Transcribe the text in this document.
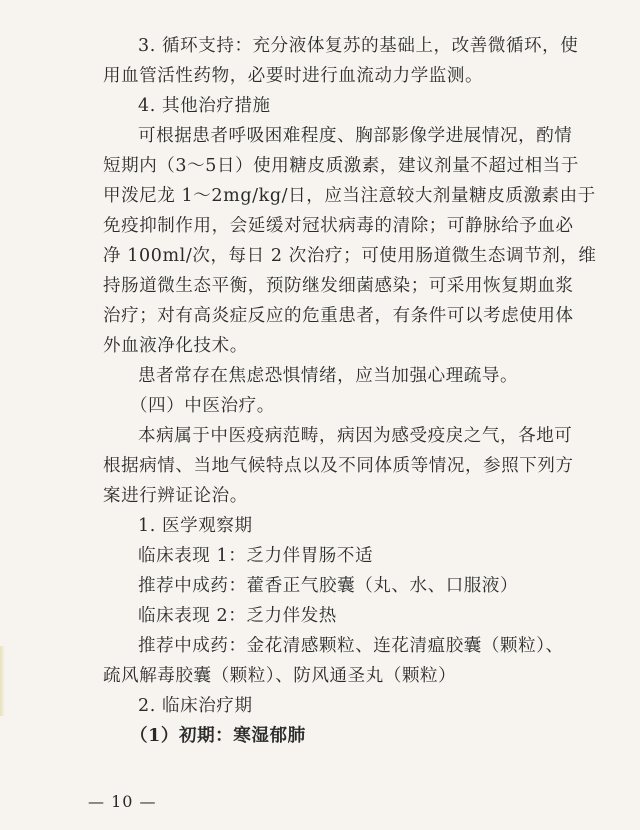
3. 循环支持：充分液体复苏的基础上，改善微循环，使
用血管活性药物，必要时进行血流动力学监测。
4. 其他治疗措施
可根据患者呼吸困难程度、胸部影像学进展情况，酌情
短期内（3～5日）使用糖皮质激素，建议剂量不超过相当于
甲泼尼龙 1～2mg/kg/日，应当注意较大剂量糖皮质激素由于
免疫抑制作用，会延缓对冠状病毒的清除；可静脉给予血必
净 100ml/次，每日 2 次治疗；可使用肠道微生态调节剂，维
持肠道微生态平衡，预防继发细菌感染；可采用恢复期血浆
治疗；对有高炎症反应的危重患者，有条件可以考虑使用体
外血液净化技术。
患者常存在焦虑恐惧情绪，应当加强心理疏导。
（四）中医治疗。
本病属于中医疫病范畴，病因为感受疫戾之气，各地可
根据病情、当地气候特点以及不同体质等情况，参照下列方
案进行辨证论治。
1. 医学观察期
临床表现 1：乏力伴胃肠不适
推荐中成药：藿香正气胶囊（丸、水、口服液）
临床表现 2：乏力伴发热
推荐中成药：金花清感颗粒、连花清瘟胶囊（颗粒）、
疏风解毒胶囊（颗粒）、防风通圣丸（颗粒）
2. 临床治疗期
（1）初期：寒湿郁肺
— 10 —
